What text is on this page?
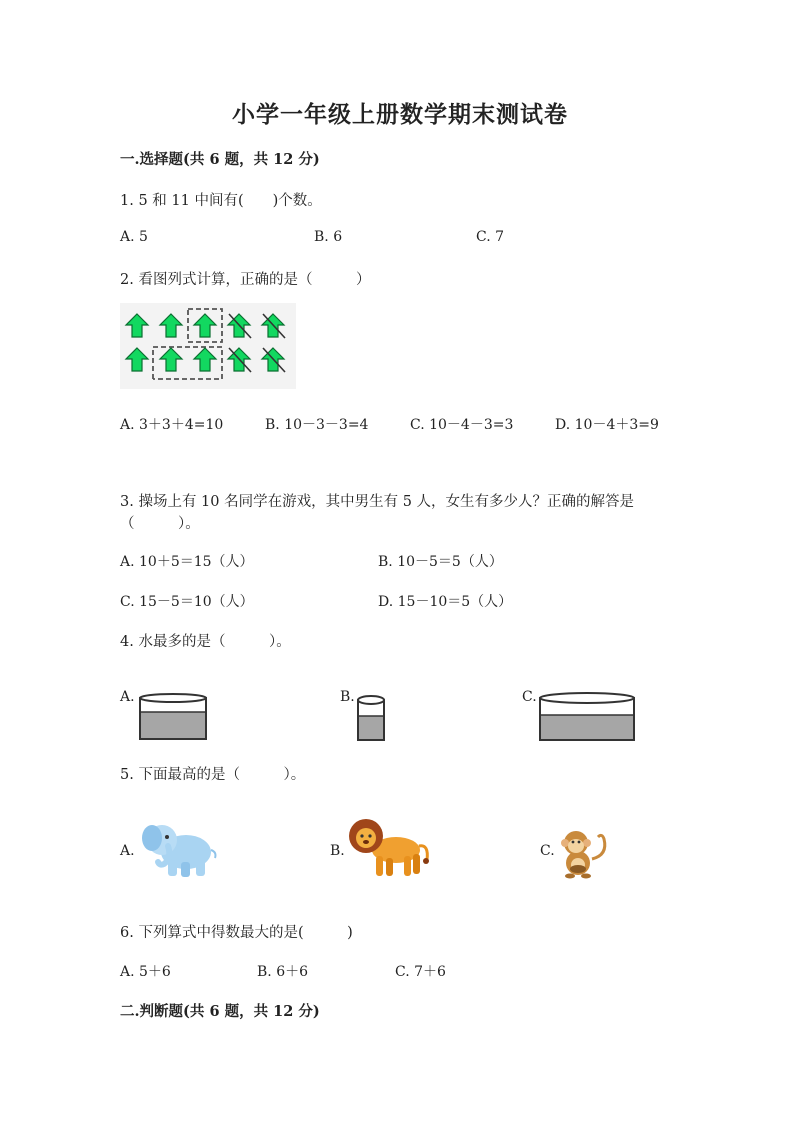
小学一年级上册数学期末测试卷
一.选择题(共 6 题，共 12 分)
1. 5 和 11 中间有(　　)个数。
A. 5	B. 6	C. 7
2. 看图列式计算，正确的是（　　　）
A. 3＋3＋4=10	B. 10－3－3=4	C. 10－4－3=3	D. 10－4＋3=9
3. 操场上有 10 名同学在游戏，其中男生有 5 人，女生有多少人？正确的解答是
（　　　）。
A. 10＋5＝15（人）	B. 10－5＝5（人）
C. 15－5＝10（人）	D. 15－10＝5（人）
4. 水最多的是（　　　）。
A.	B.	C.
5. 下面最高的是（　　　）。
A.	B.	C.
6. 下列算式中得数最大的是(　　　)
A. 5＋6	B. 6＋6	C. 7＋6
二.判断题(共 6 题，共 12 分)
